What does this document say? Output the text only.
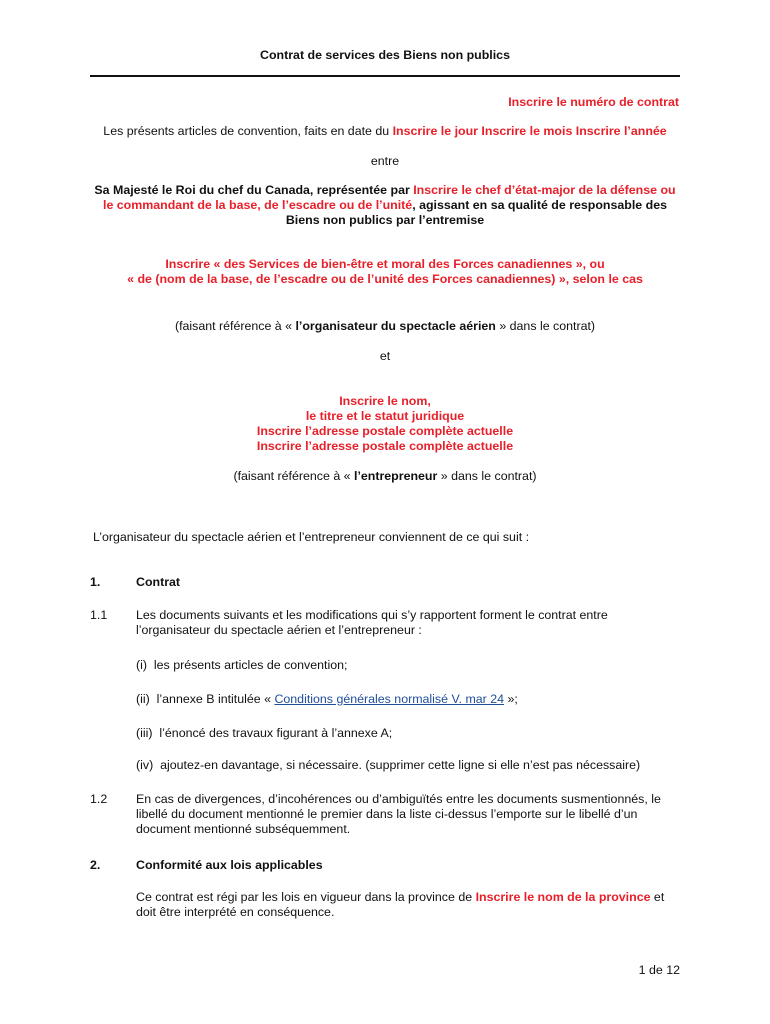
Contrat de services des Biens non publics
Inscrire le numéro de contrat
Les présents articles de convention, faits en date du Inscrire le jour Inscrire le mois Inscrire l’année
entre
Sa Majesté le Roi du chef du Canada, représentée par Inscrire le chef d’état-major de la défense ou le commandant de la base, de l’escadre ou de l’unité, agissant en sa qualité de responsable des Biens non publics par l’entremise
Inscrire « des Services de bien-être et moral des Forces canadiennes », ou
« de (nom de la base, de l’escadre ou de l’unité des Forces canadiennes) », selon le cas
(faisant référence à « l’organisateur du spectacle aérien » dans le contrat)
et
Inscrire le nom,
le titre et le statut juridique
Inscrire l’adresse postale complète actuelle
Inscrire l’adresse postale complète actuelle
(faisant référence à « l’entrepreneur » dans le contrat)
L’organisateur du spectacle aérien et l’entrepreneur conviennent de ce qui suit :
1.	Contrat
1.1 Les documents suivants et les modifications qui s’y rapportent forment le contrat entre
l’organisateur du spectacle aérien et l’entrepreneur :
(i) les présents articles de convention;
(ii) l’annexe B intitulée « Conditions générales normalisé V. mar 24 »;
(iii) l’énoncé des travaux figurant à l’annexe A;
(iv) ajoutez-en davantage, si nécessaire. (supprimer cette ligne si elle n’est pas nécessaire)
1.2 En cas de divergences, d’incohérences ou d’ambiguïtés entre les documents susmentionnés, le
libellé du document mentionné le premier dans la liste ci-dessus l’emporte sur le libellé d’un
document mentionné subséquemment.
2.	Conformité aux lois applicables
Ce contrat est régi par les lois en vigueur dans la province de Inscrire le nom de la province et
doit être interprété en conséquence.
1 de 12
